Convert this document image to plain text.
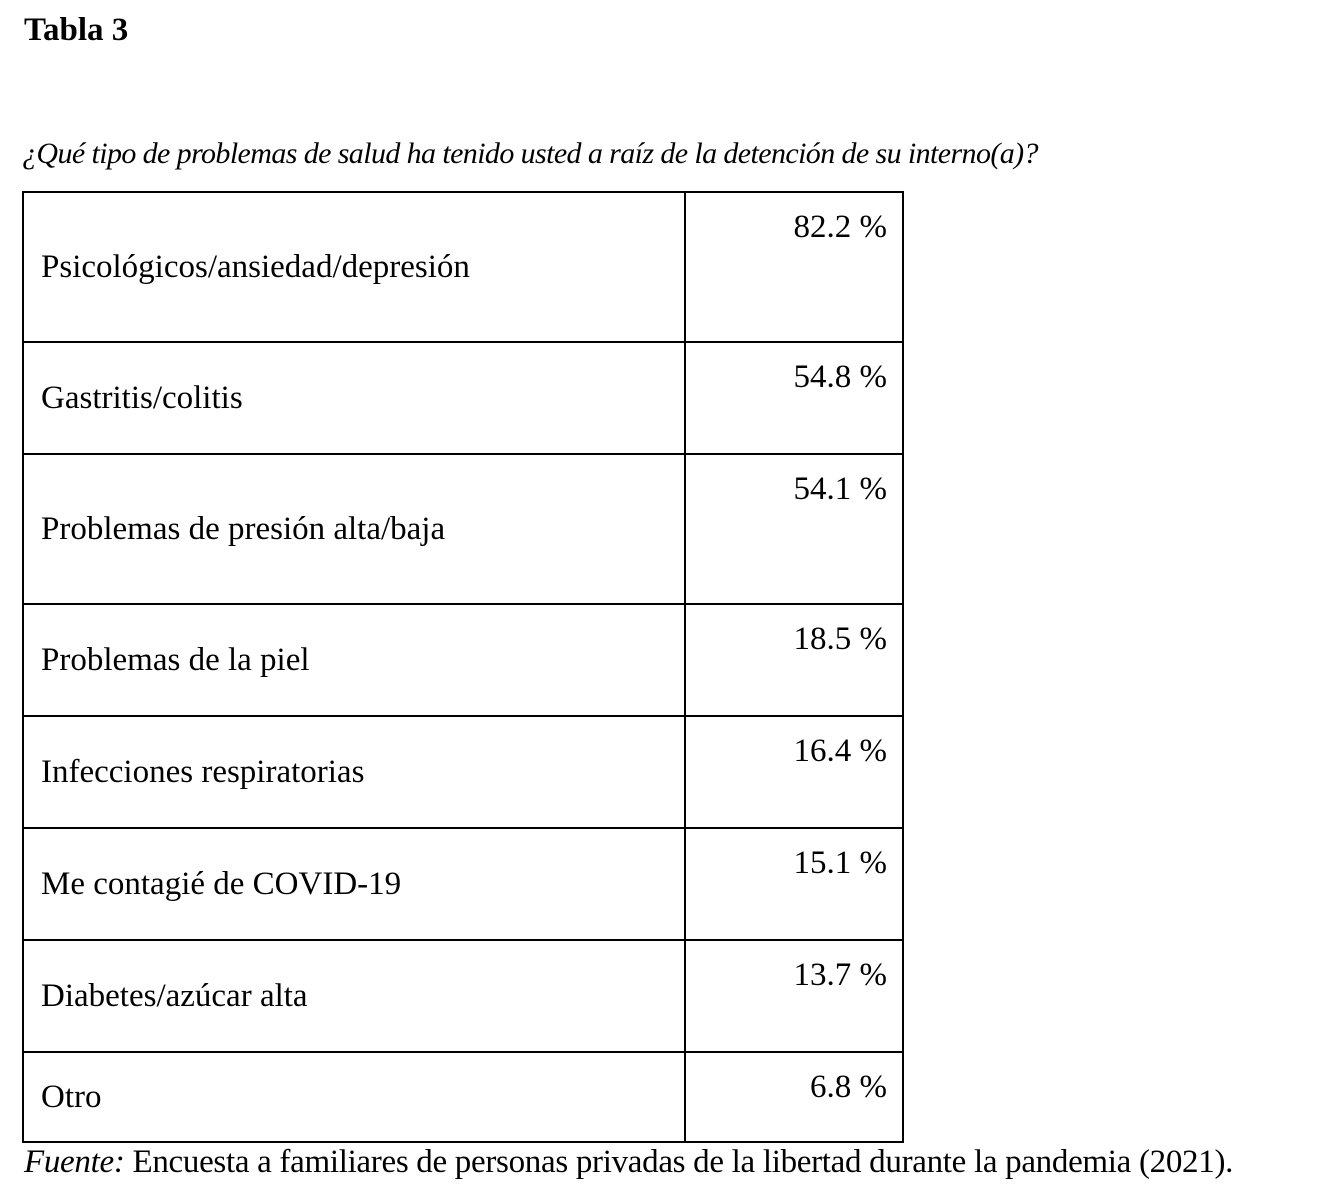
Tabla 3
¿Qué tipo de problemas de salud ha tenido usted a raíz de la detención de su interno(a)?
Psicológicos/ansiedad/depresión	82.2 %
Gastritis/colitis	54.8 %
Problemas de presión alta/baja	54.1 %
Problemas de la piel	18.5 %
Infecciones respiratorias	16.4 %
Me contagié de COVID-19	15.1 %
Diabetes/azúcar alta	13.7 %
Otro	6.8 %
Fuente: Encuesta a familiares de personas privadas de la libertad durante la pandemia (2021).
